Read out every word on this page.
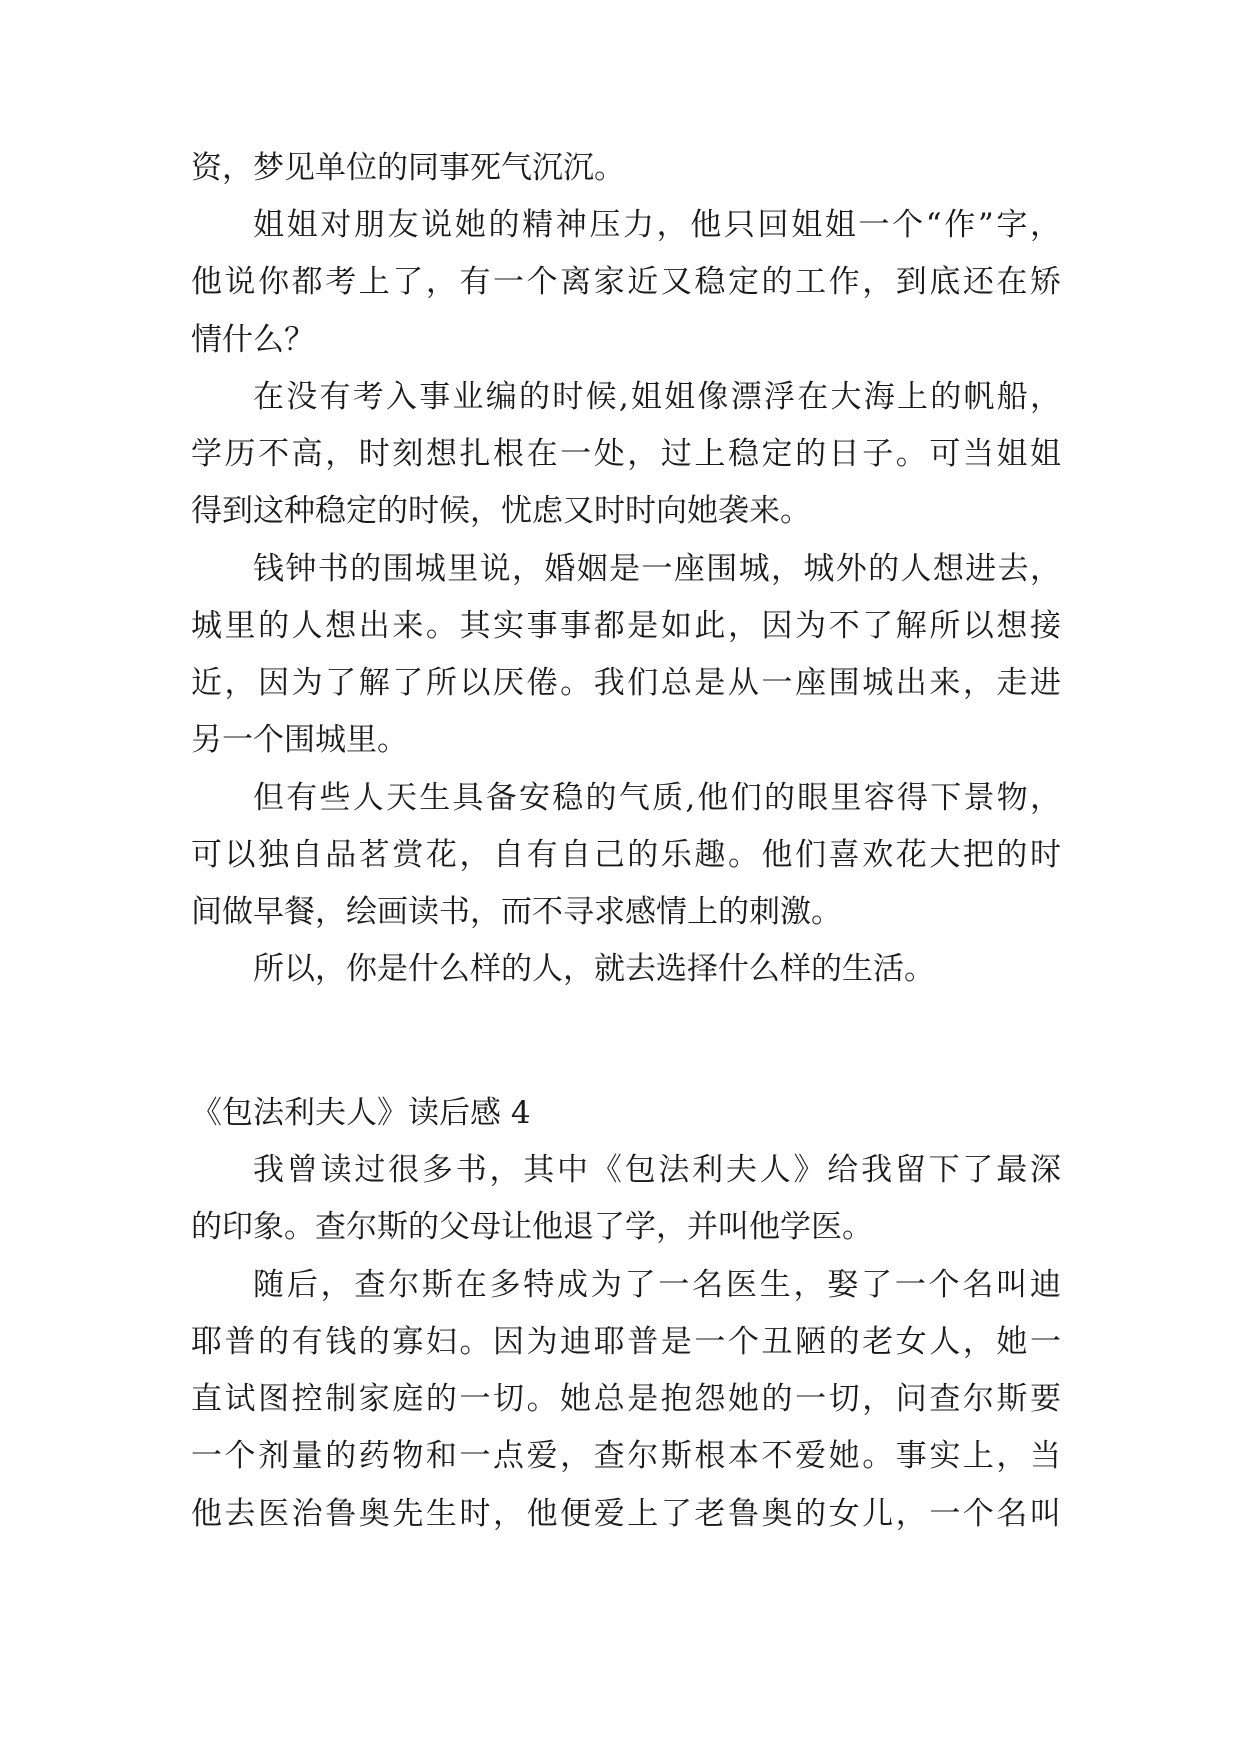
资，梦见单位的同事死气沉沉。
姐姐对朋友说她的精神压力，他只回姐姐一个“作”字，
他说你都考上了，有一个离家近又稳定的工作，到底还在矫
情什么？
在没有考入事业编的时候,姐姐像漂浮在大海上的帆船，
学历不高，时刻想扎根在一处，过上稳定的日子。可当姐姐
得到这种稳定的时候，忧虑又时时向她袭来。
钱钟书的围城里说，婚姻是一座围城，城外的人想进去，
城里的人想出来。其实事事都是如此，因为不了解所以想接
近，因为了解了所以厌倦。我们总是从一座围城出来，走进
另一个围城里。
但有些人天生具备安稳的气质,他们的眼里容得下景物，
可以独自品茗赏花，自有自己的乐趣。他们喜欢花大把的时
间做早餐，绘画读书，而不寻求感情上的刺激。
所以，你是什么样的人，就去选择什么样的生活。
《包法利夫人》读后感 4
我曾读过很多书，其中《包法利夫人》给我留下了最深
的印象。查尔斯的父母让他退了学，并叫他学医。
随后，查尔斯在多特成为了一名医生，娶了一个名叫迪
耶普的有钱的寡妇。因为迪耶普是一个丑陋的老女人，她一
直试图控制家庭的一切。她总是抱怨她的一切，问查尔斯要
一个剂量的药物和一点爱，查尔斯根本不爱她。事实上，当
他去医治鲁奥先生时，他便爱上了老鲁奥的女儿，一个名叫
